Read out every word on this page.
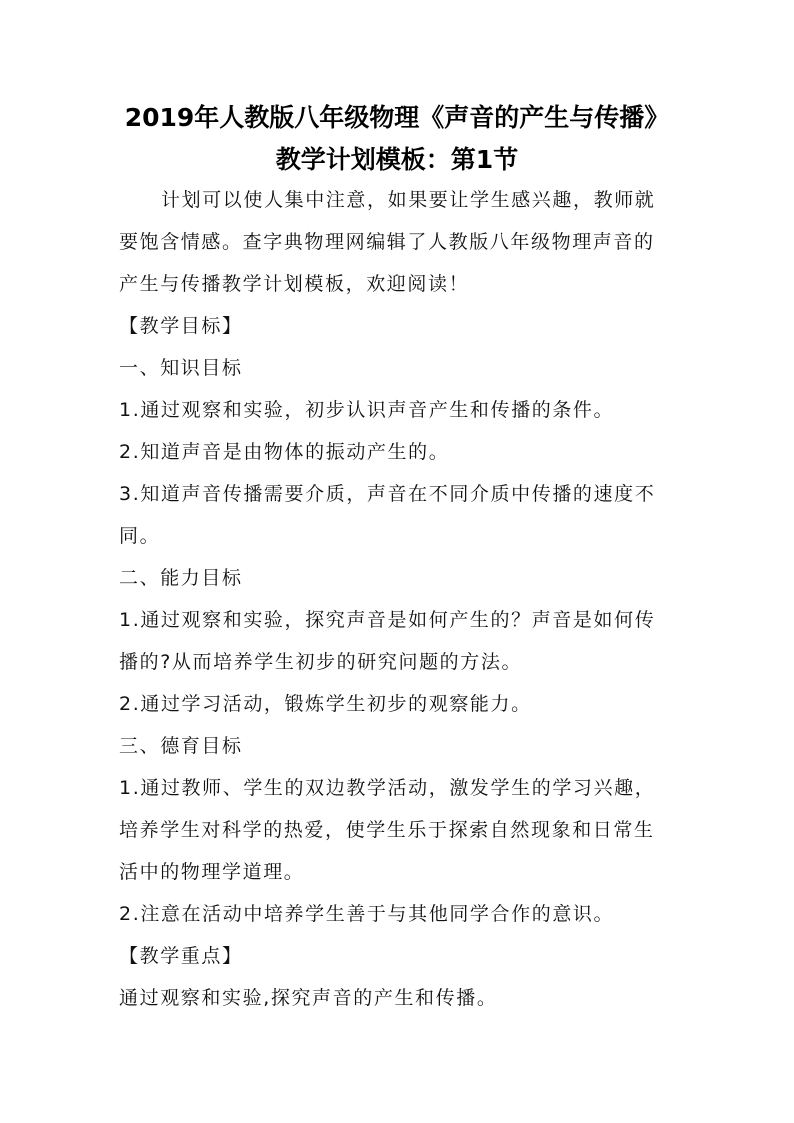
2019年人教版八年级物理《声音的产生与传播》
教学计划模板：第1节
计划可以使人集中注意，如果要让学生感兴趣，教师就
要饱含情感。查字典物理网编辑了人教版八年级物理声音的
产生与传播教学计划模板，欢迎阅读！
【教学目标】
一、知识目标
1.通过观察和实验，初步认识声音产生和传播的条件。
2.知道声音是由物体的振动产生的。
3.知道声音传播需要介质，声音在不同介质中传播的速度不
同。
二、能力目标
1.通过观察和实验，探究声音是如何产生的？声音是如何传
播的?从而培养学生初步的研究问题的方法。
2.通过学习活动，锻炼学生初步的观察能力。
三、德育目标
1.通过教师、学生的双边教学活动，激发学生的学习兴趣，
培养学生对科学的热爱，使学生乐于探索自然现象和日常生
活中的物理学道理。
2.注意在活动中培养学生善于与其他同学合作的意识。
【教学重点】
通过观察和实验,探究声音的产生和传播。
